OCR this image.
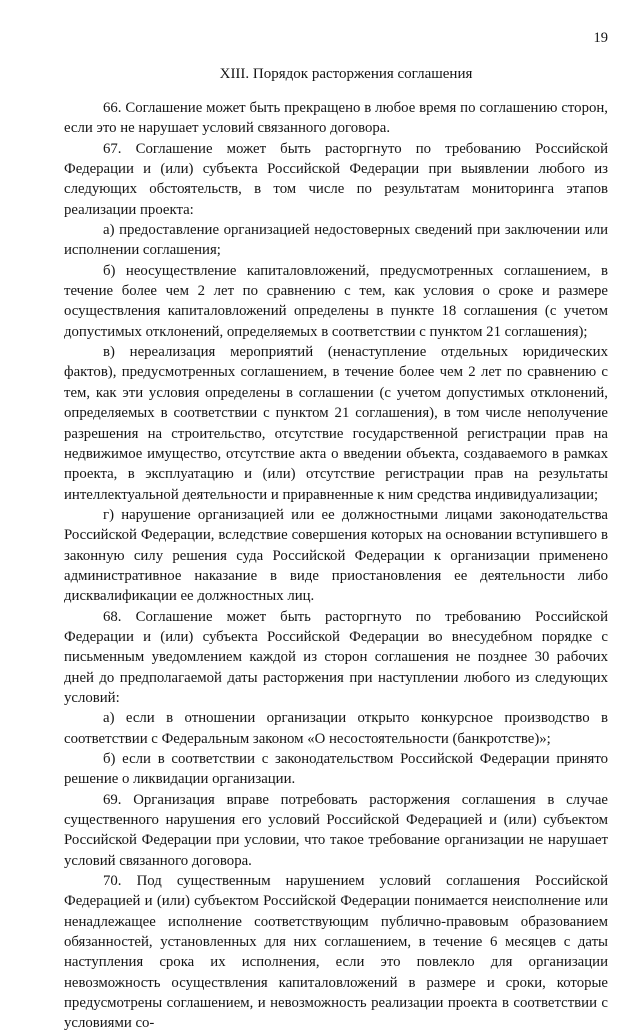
19
XIII. Порядок расторжения соглашения

66. Соглашение может быть прекращено в любое время по соглашению сторон, если это не нарушает условий связанного договора.

67. Соглашение может быть расторгнуто по требованию Российской Федерации и (или) субъекта Российской Федерации при выявлении любого из следующих обстоятельств, в том числе по результатам мониторинга этапов реализации проекта:

а) предоставление организацией недостоверных сведений при заключении или исполнении соглашения;

б) неосуществление капиталовложений, предусмотренных соглашением, в течение более чем 2 лет по сравнению с тем, как условия о сроке и размере осуществления капиталовложений определены в пункте 18 соглашения (с учетом допустимых отклонений, определяемых в соответствии с пунктом 21 соглашения);

в) нереализация мероприятий (ненаступление отдельных юридических фактов), предусмотренных соглашением, в течение более чем 2 лет по сравнению с тем, как эти условия определены в соглашении (с учетом допустимых отклонений, определяемых в соответствии с пунктом 21 соглашения), в том числе неполучение разрешения на строительство, отсутствие государственной регистрации прав на недвижимое имущество, отсутствие акта о введении объекта, создаваемого в рамках проекта, в эксплуатацию и (или) отсутствие регистрации прав на результаты интеллектуальной деятельности и приравненные к ним средства индивидуализации;

г) нарушение организацией или ее должностными лицами законодательства Российской Федерации, вследствие совершения которых на основании вступившего в законную силу решения суда Российской Федерации к организации применено административное наказание в виде приостановления ее деятельности либо дисквалификации ее должностных лиц.

68. Соглашение может быть расторгнуто по требованию Российской Федерации и (или) субъекта Российской Федерации во внесудебном порядке с письменным уведомлением каждой из сторон соглашения не позднее 30 рабочих дней до предполагаемой даты расторжения при наступлении любого из следующих условий:

а) если в отношении организации открыто конкурсное производство в соответствии с Федеральным законом «О несостоятельности (банкротстве)»;

б) если в соответствии с законодательством Российской Федерации принято решение о ликвидации организации.

69. Организация вправе потребовать расторжения соглашения в случае существенного нарушения его условий Российской Федерацией и (или) субъектом Российской Федерации при условии, что такое требование организации не нарушает условий связанного договора.

70. Под существенным нарушением условий соглашения Российской Федерацией и (или) субъектом Российской Федерации понимается неисполнение или ненадлежащее исполнение соответствующим публично-правовым образованием обязанностей, установленных для них соглашением, в течение 6 месяцев с даты наступления срока их исполнения, если это повлекло для организации невозможность осуществления капиталовложений в размере и сроки, которые предусмотрены соглашением, и невозможность реализации проекта в соответствии с условиями со-
